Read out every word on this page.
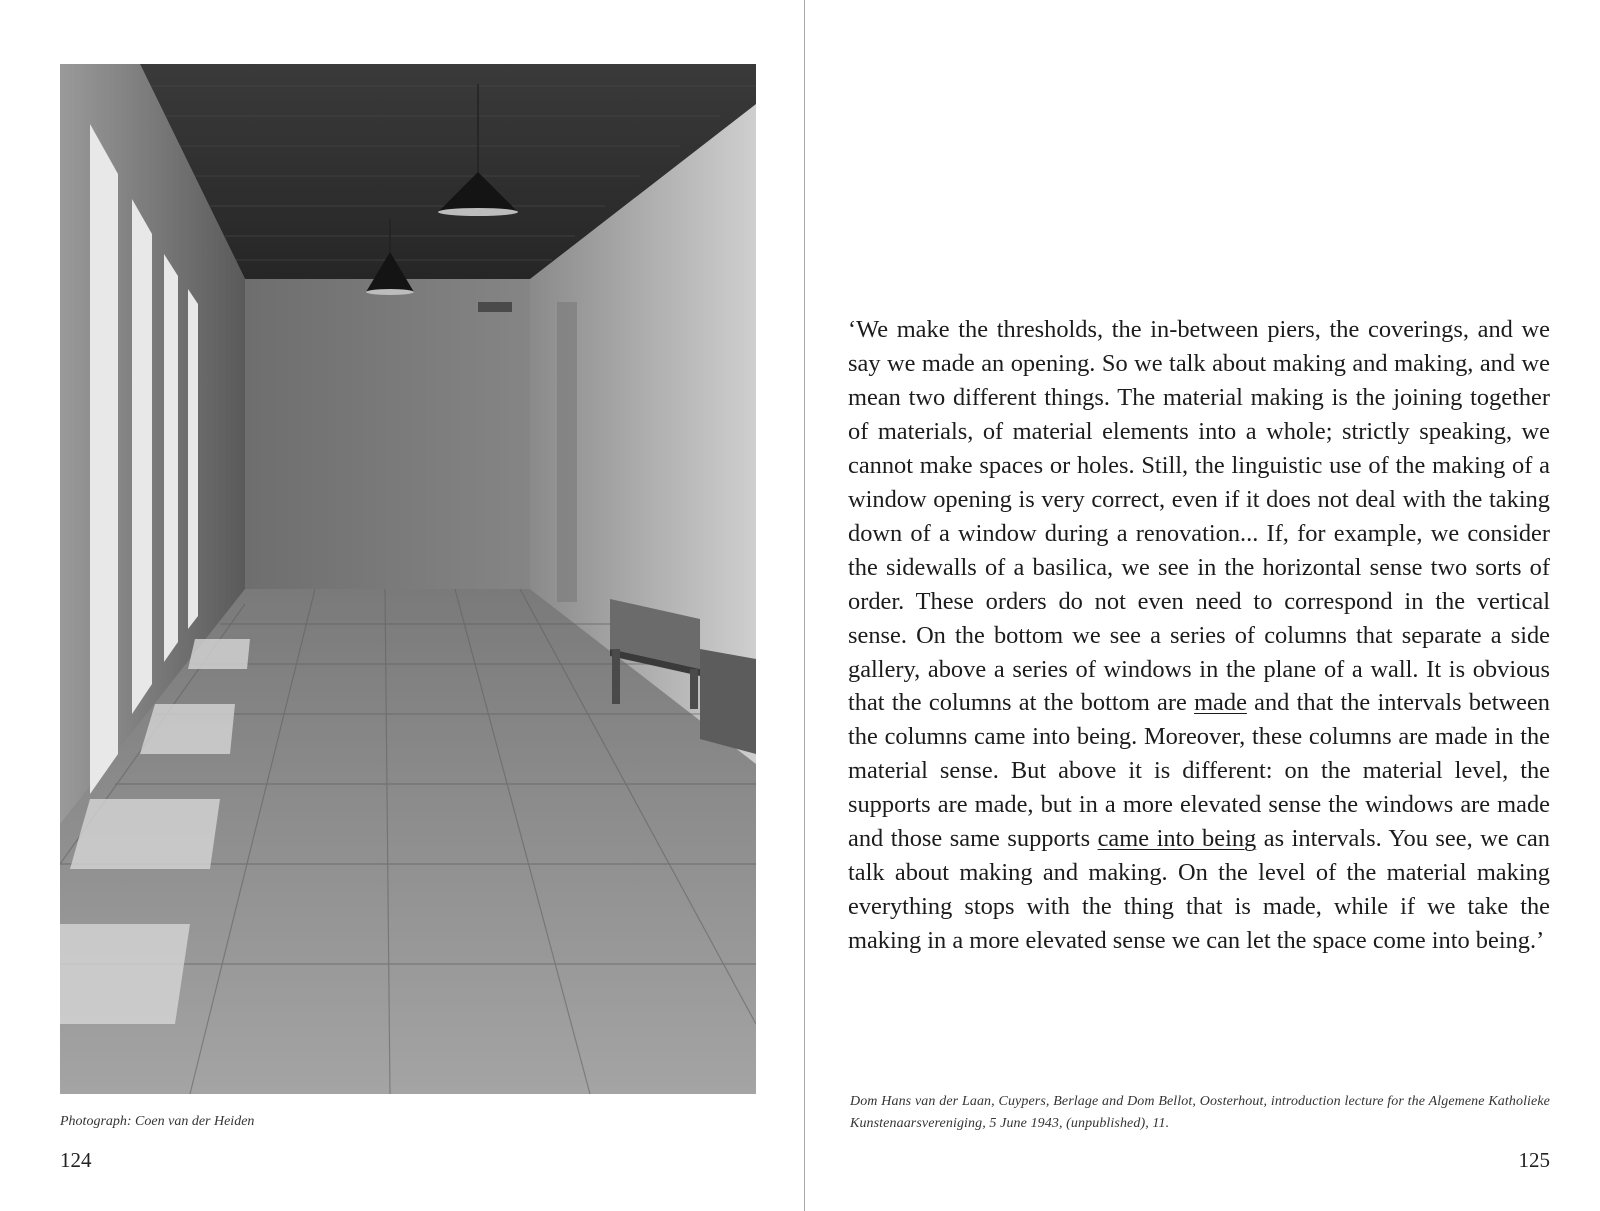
Photograph: Coen van der Heiden
124

‘We make the thresholds, the in-between piers, the coverings, and we say we made an opening. So we talk about making and making, and we mean two different things. The material making is the joining together of materials, of material elements into a whole; strictly speaking, we cannot make spaces or holes. Still, the linguistic use of the making of a window opening is very correct, even if it does not deal with the taking down of a window during a renovation... If, for example, we consider the sidewalls of a basilica, we see in the horizontal sense two sorts of order. These orders do not even need to correspond in the vertical sense. On the bottom we see a series of columns that separate a side gallery, above a series of windows in the plane of a wall. It is obvious that the columns at the bottom are made and that the intervals between the columns came into being. Moreover, these columns are made in the material sense. But above it is different: on the material level, the supports are made, but in a more elevated sense the windows are made and those same supports came into being as intervals. You see, we can talk about making and making. On the level of the material making everything stops with the thing that is made, while if we take the making in a more elevated sense we can let the space come into being.’

Dom Hans van der Laan, Cuypers, Berlage and Dom Bellot, Oosterhout, introduction lecture for the Algemene Katholieke Kunstenaarsvereniging, 5 June 1943, (unpublished), 11.

125
